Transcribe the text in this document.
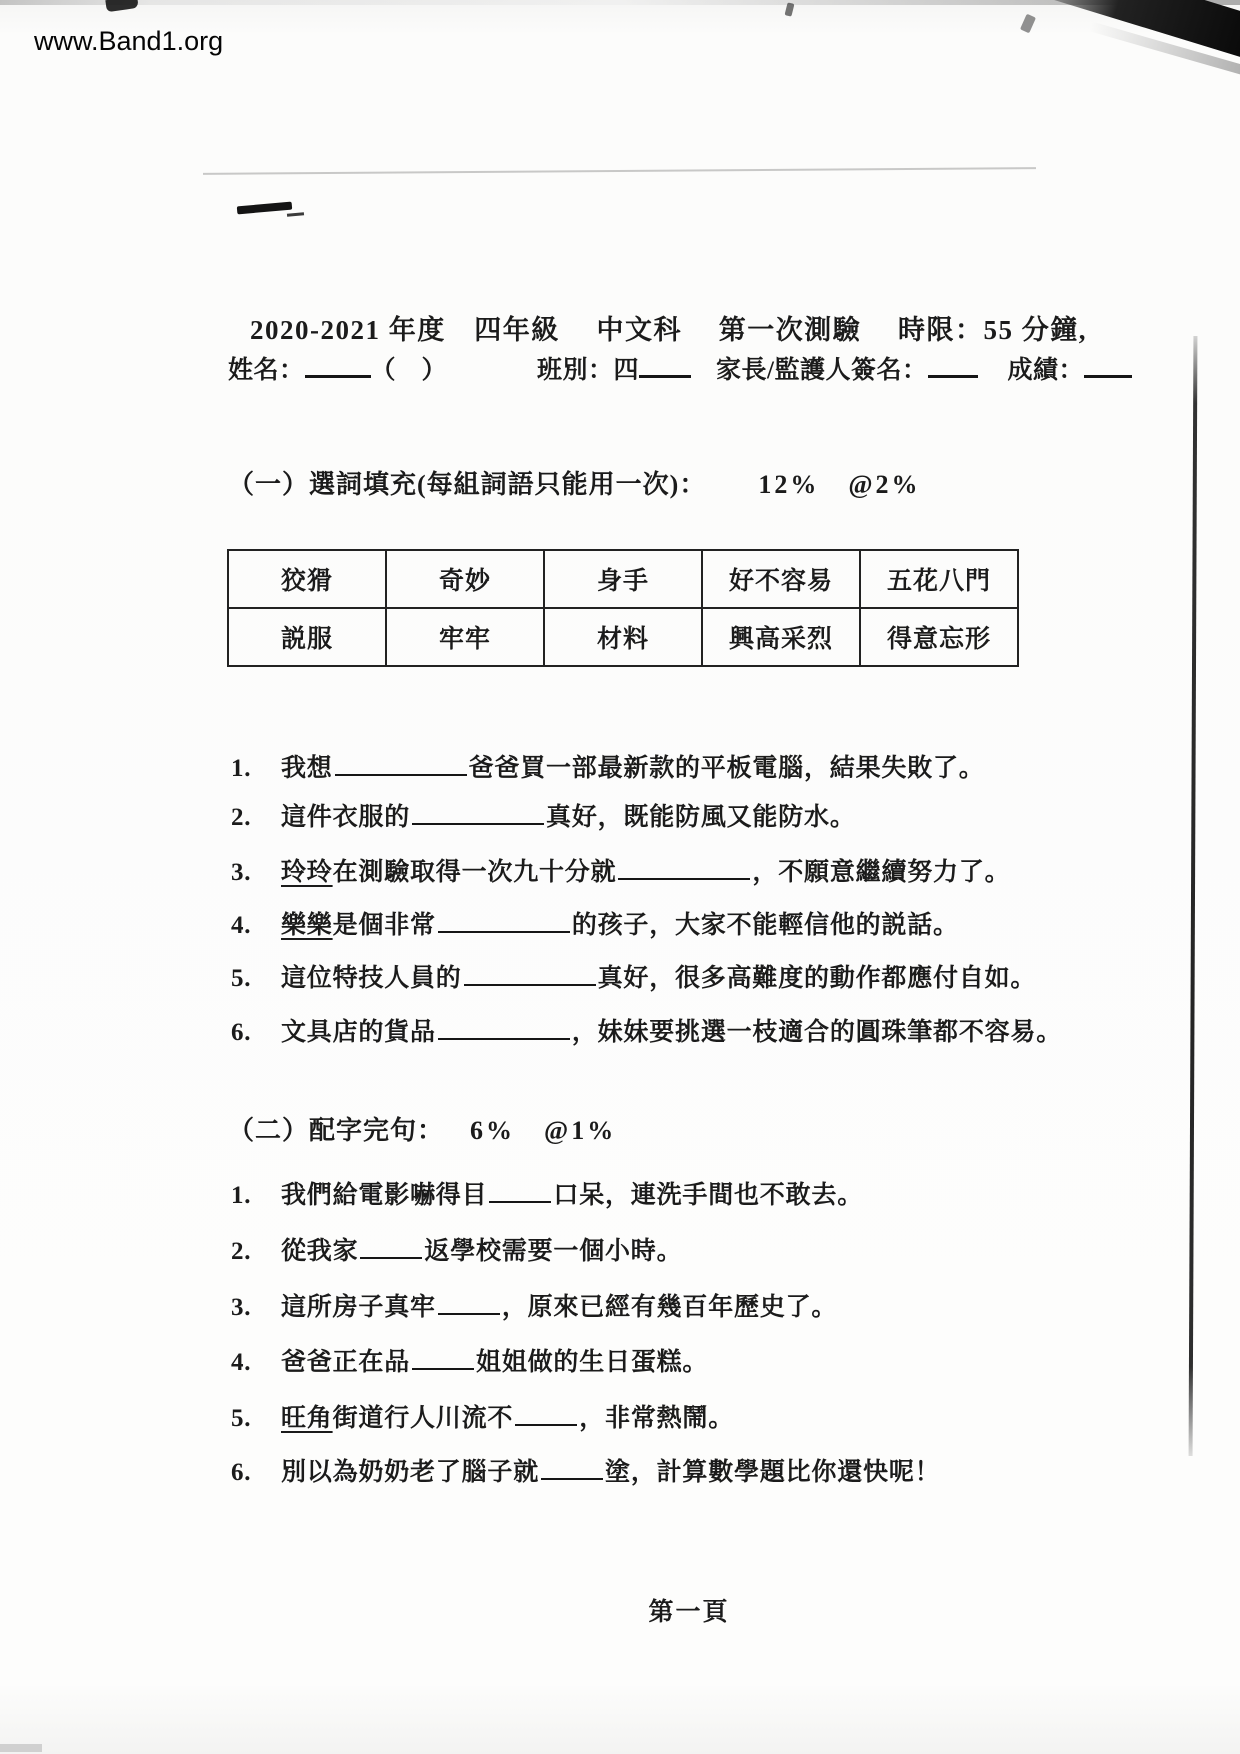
www.Band1.org
2020-2021 年度　四年級　 中文科　 第一次測驗　 時限：55 分鐘,
姓名：	（　）	班別：四	家長/監護人簽名：	成績：
（一）選詞填充(每組詞語只能用一次)： 12%　@2%
狡猾	奇妙	身手	好不容易	五花八門
説服	牢牢	材料	興高采烈	得意忘形
1. 我想	爸爸買一部最新款的平板電腦，結果失敗了。
2. 這件衣服的	真好，既能防風又能防水。
3. 玲玲在測驗取得一次九十分就	，不願意繼續努力了。
4. 樂樂是個非常	的孩子，大家不能輕信他的説話。
5. 這位特技人員的	真好，很多高難度的動作都應付自如。
6. 文具店的貨品	，妹妹要挑選一枝適合的圓珠筆都不容易。
（二）配字完句： 6%　@1%
1. 我們給電影嚇得目	口呆，連洗手間也不敢去。
2. 從我家	返學校需要一個小時。
3. 這所房子真牢	，原來已經有幾百年歷史了。
4. 爸爸正在品	姐姐做的生日蛋糕。
5. 旺角街道行人川流不	，非常熱鬧。
6. 別以為奶奶老了腦子就	塗，計算數學題比你還快呢！
第一頁
